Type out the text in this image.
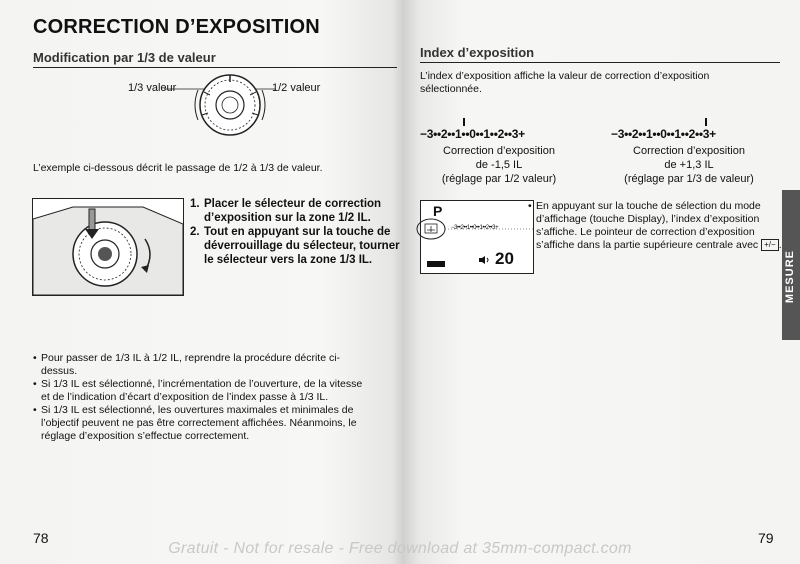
CORRECTION D’EXPOSITION
Modification par 1/3 de valeur
1/3 valeur	1/2 valeur
L’exemple ci-dessous décrit le passage de 1/2 à 1/3 de valeur.
1. Placer le sélecteur de correction d’exposition sur la zone 1/2 IL.
2. Tout en appuyant sur la touche de déverrouillage du sélecteur, tourner le sélecteur vers la zone 1/3 IL.
• Pour passer de 1/3 IL à 1/2 IL, reprendre la procédure décrite ci-dessus.
• Si 1/3 IL est sélectionné, l’incrémentation de l’ouverture, de la vitesse et de l’indication d’écart d’exposition de l’index passe à 1/3 IL.
• Si 1/3 IL est sélectionné, les ouvertures maximales et minimales de l’objectif peuvent ne pas être correctement affichées. Néanmoins, le réglage d’exposition s’effectue correctement.
78
Index d’exposition
L’index d’exposition affiche la valeur de correction d’exposition sélectionnée.
−3••2••1••0••1••2••3+
Correction d’exposition
de -1,5 IL
(réglage par 1/2 valeur)
−3••2••1••0••1••2••3+
Correction d’exposition
de +1,3 IL
(réglage par 1/3 de valeur)
P
−3••2••1••0••1••2••3+
20
• En appuyant sur la touche de sélection du mode d’affichage (touche Display), l’index d’exposition s’affiche. Le pointeur de correction d’exposition s’affiche dans la partie supérieure centrale avec +/− .
MESURE
79
Gratuit - Not for resale - Free download at 35mm-compact.com
